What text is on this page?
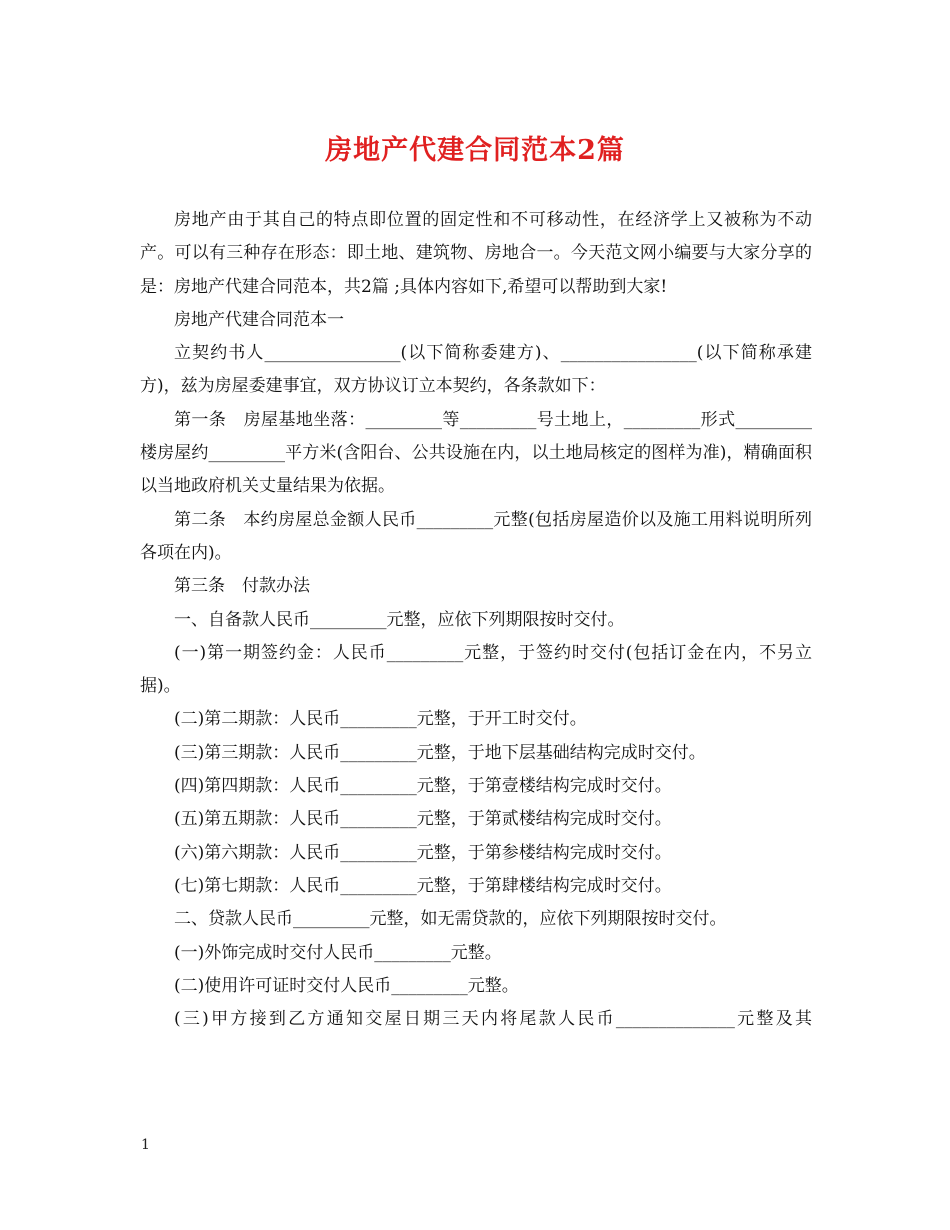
房地产代建合同范本2篇

房地产由于其自己的特点即位置的固定性和不可移动性，在经济学上又被称为不动产。可以有三种存在形态：即土地、建筑物、房地合一。今天范文网小编要与大家分享的是：房地产代建合同范本，共2篇 ;具体内容如下,希望可以帮助到大家!

房地产代建合同范本一

立契约书人________________(以下简称委建方)、________________(以下简称承建方)，兹为房屋委建事宜，双方协议订立本契约，各条款如下：

第一条　房屋基地坐落：_________等_________号土地上，_________形式_________楼房屋约_________平方米(含阳台、公共设施在内，以土地局核定的图样为准)，精确面积以当地政府机关丈量结果为依据。

第二条　本约房屋总金额人民币_________元整(包括房屋造价以及施工用料说明所列各项在内)。

第三条　付款办法

一、自备款人民币_________元整，应依下列期限按时交付。

(一)第一期签约金：人民币_________元整，于签约时交付(包括订金在内，不另立据)。

(二)第二期款：人民币_________元整，于开工时交付。

(三)第三期款：人民币_________元整，于地下层基础结构完成时交付。

(四)第四期款：人民币_________元整，于第壹楼结构完成时交付。

(五)第五期款：人民币_________元整，于第贰楼结构完成时交付。

(六)第六期款：人民币_________元整，于第参楼结构完成时交付。

(七)第七期款：人民币_________元整，于第肆楼结构完成时交付。

二、贷款人民币_________元整，如无需贷款的，应依下列期限按时交付。

(一)外饰完成时交付人民币_________元整。

(二)使用许可证时交付人民币_________元整。

(三)甲方接到乙方通知交屋日期三天内将尾款人民币______________元整及其

1
